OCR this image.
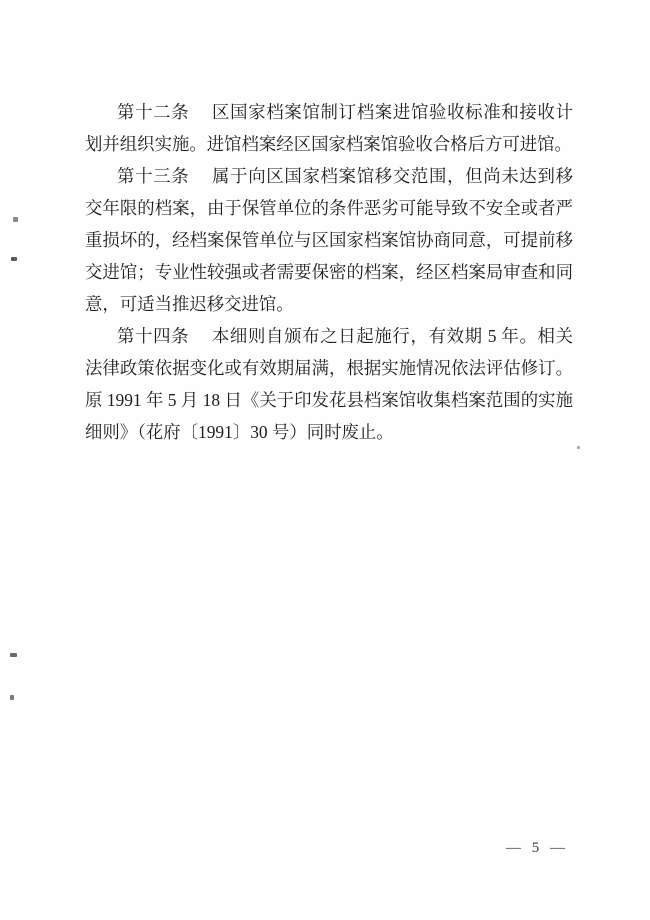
第十二条 区国家档案馆制订档案进馆验收标准和接收计划并组织实施。进馆档案经区国家档案馆验收合格后方可进馆。

第十三条 属于向区国家档案馆移交范围，但尚未达到移交年限的档案，由于保管单位的条件恶劣可能导致不安全或者严重损坏的，经档案保管单位与区国家档案馆协商同意，可提前移交进馆；专业性较强或者需要保密的档案，经区档案局审查和同意，可适当推迟移交进馆。

第十四条 本细则自颁布之日起施行，有效期 5 年。相关法律政策依据变化或有效期届满，根据实施情况依法评估修订。原 1991 年 5 月 18 日《关于印发花县档案馆收集档案范围的实施细则》（花府〔1991〕30 号）同时废止。

— 5 —
